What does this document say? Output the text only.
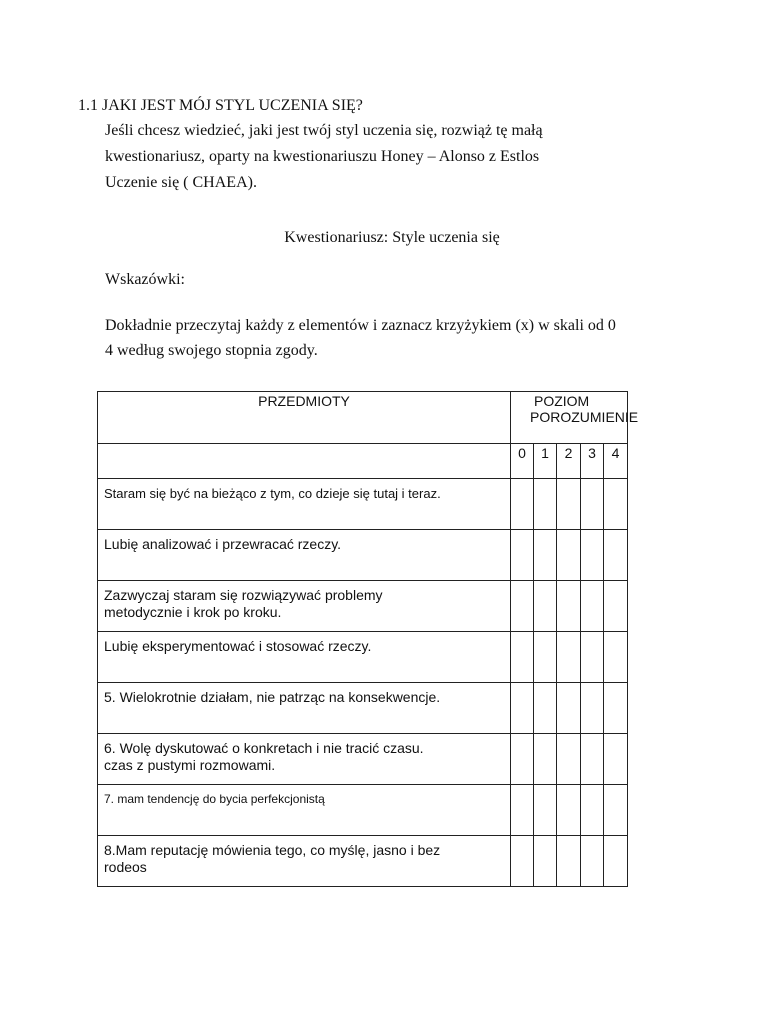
1.1 JAKI JEST MÓJ STYL UCZENIA SIĘ?
Jeśli chcesz wiedzieć, jaki jest twój styl uczenia się, rozwiąż tę małą
kwestionariusz, oparty na kwestionariuszu Honey – Alonso z Estlos
Uczenie się ( CHAEA).
Kwestionariusz: Style uczenia się
Wskazówki:
Dokładnie przeczytaj każdy z elementów i zaznacz krzyżykiem (x) w skali od 0
4 według swojego stopnia zgody.
PRZEDMIOTY	POZIOM
POROZUMIENIE				

	0	1	2	3	4

Staram się być na bieżąco z tym, co dzieje się tutaj i teraz.					

Lubię analizować i przewracać rzeczy.					

Zazwyczaj staram się rozwiązywać problemy
metodycznie i krok po kroku.					

Lubię eksperymentować i stosować rzeczy.					

5. Wielokrotnie działam, nie patrząc na konsekwencje.					

6. Wolę dyskutować o konkretach i nie tracić czasu.
czas z pustymi rozmowami.					

7. mam tendencję do bycia perfekcjonistą					

8.Mam reputację mówienia tego, co myślę, jasno i bez
rodeos					
